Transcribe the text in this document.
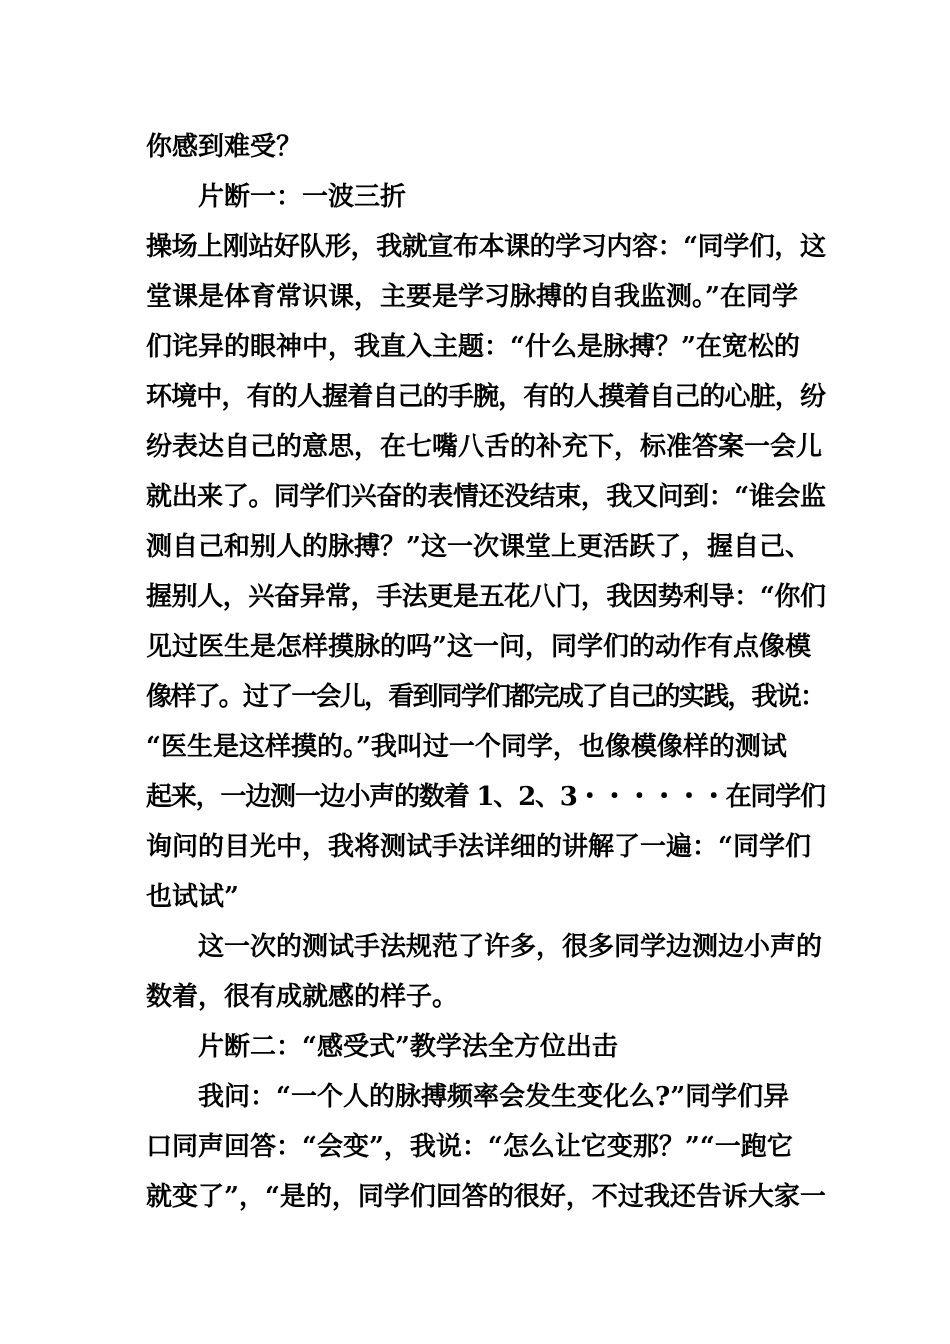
你感到难受？
片断一：一波三折
操场上刚站好队形，我就宣布本课的学习内容：“同学们，这
堂课是体育常识课，主要是学习脉搏的自我监测。”在同学
们诧异的眼神中，我直入主题：“什么是脉搏？”在宽松的
环境中，有的人握着自己的手腕，有的人摸着自己的心脏，纷
纷表达自己的意思，在七嘴八舌的补充下，标准答案一会儿
就出来了。同学们兴奋的表情还没结束，我又问到：“谁会监
测自己和别人的脉搏？”这一次课堂上更活跃了，握自己、
握别人，兴奋异常，手法更是五花八门，我因势利导：“你们
见过医生是怎样摸脉的吗”这一问，同学们的动作有点像模
像样了。过了一会儿，看到同学们都完成了自己的实践，我说：
“医生是这样摸的。”我叫过一个同学，也像模像样的测试
起来，一边测一边小声的数着 1、2、3・・・・・・在同学们
询问的目光中，我将测试手法详细的讲解了一遍：“同学们
也试试”
这一次的测试手法规范了许多，很多同学边测边小声的
数着，很有成就感的样子。
片断二：“感受式”教学法全方位出击
我问：“一个人的脉搏频率会发生变化么?”同学们异
口同声回答：“会变”，我说：“怎么让它变那？”“一跑它
就变了”，“是的，同学们回答的很好，不过我还告诉大家一
